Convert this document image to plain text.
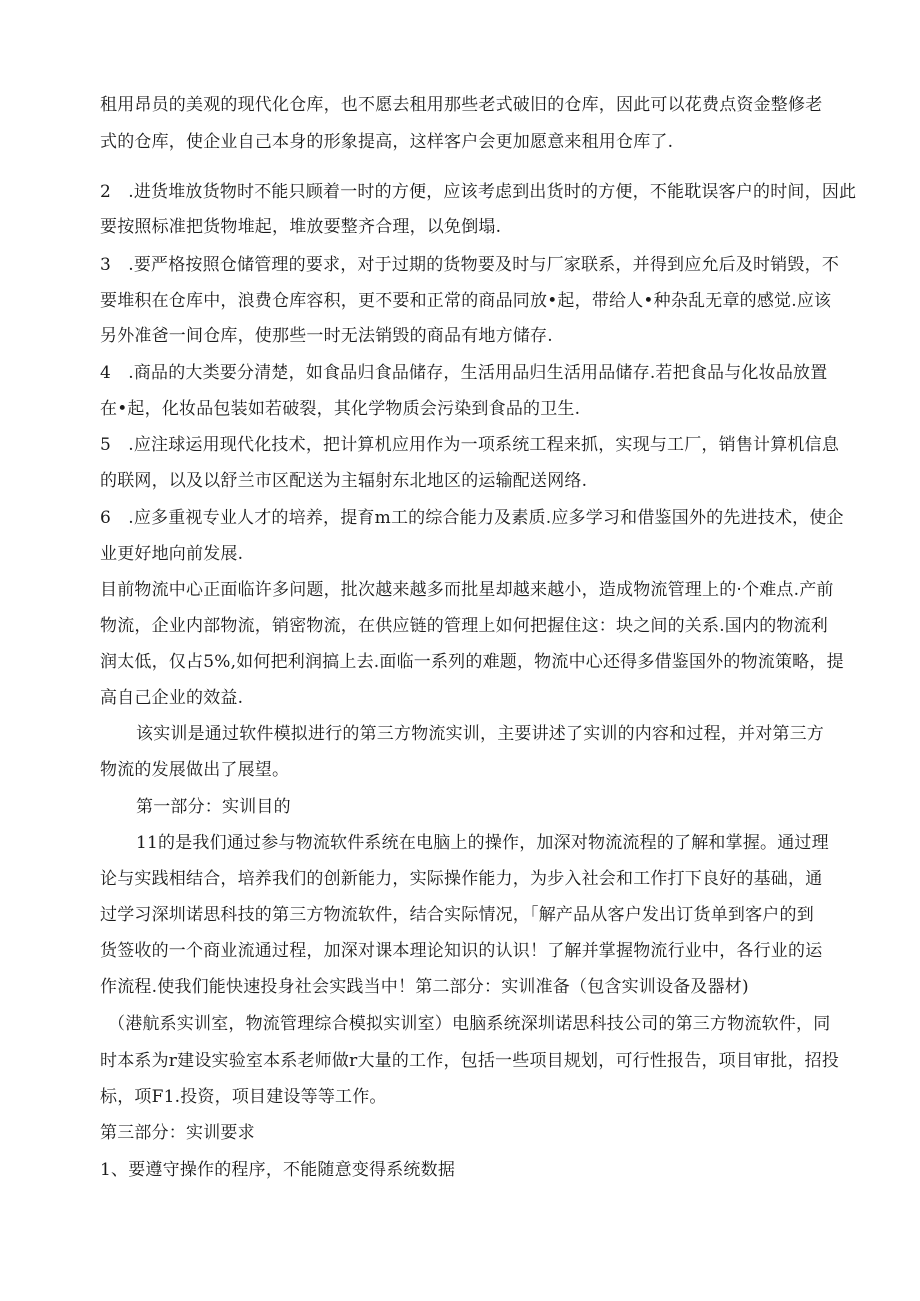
租用昂员的美观的现代化仓库，也不愿去租用那些老式破旧的仓库，因此可以花费点资金整修老
式的仓库，使企业自己本身的形象提高，这样客户会更加愿意来租用仓库了.
2　.进货堆放货物时不能只顾着一时的方便，应该考虑到出货时的方便，不能耽误客户的时间，因此
要按照标准把货物堆起，堆放要整齐合理，以免倒塌.
3　.要严格按照仓储管理的要求，对于过期的货物要及时与厂家联系，并得到应允后及时销毁，不
要堆积在仓库中，浪费仓库容积，更不要和正常的商品同放•起，带给人•种杂乱无章的感觉.应该
另外准爸一间仓库，使那些一时无法销毁的商品有地方储存.
4　.商品的大类要分清楚，如食品归食品储存，生活用品归生活用品储存.若把食品与化妆品放置
在•起，化妆品包装如若破裂，其化学物质会污染到食品的卫生.
5　.应注球运用现代化技术，把计算机应用作为一项系统工程来抓，实现与工厂，销售计算机信息
的联网，以及以舒兰市区配送为主辐射东北地区的运输配送网络.
6　.应多重视专业人才的培养，提育m工的综合能力及素质.应多学习和借鉴国外的先进技术，使企
业更好地向前发展.
目前物流中心正面临许多问题，批次越来越多而批星却越来越小，造成物流管理上的·个难点.产前
物流，企业内部物流，销密物流，在供应链的管理上如何把握住这：块之间的关系.国内的物流利
润太低，仅占5%,如何把利润搞上去.面临一系列的难题，物流中心还得多借鉴国外的物流策略，提
高自己企业的效益.
该实训是通过软件模拟进行的第三方物流实训，主要讲述了实训的内容和过程，并对第三方
物流的发展做出了展望。
第一部分：实训目的
11的是我们通过参与物流软件系统在电脑上的操作，加深对物流流程的了解和掌握。通过理
论与实践相结合，培养我们的创新能力，实际操作能力，为步入社会和工作打下良好的基础，通
过学习深圳诺思科技的第三方物流软件，结合实际情况，「解产品从客户发出订货单到客户的到
货签收的一个商业流通过程，加深对课本理论知识的认识！了解并掌握物流行业中，各行业的运
作流程.使我们能快速投身社会实践当中！第二部分：实训准备（包含实训设备及器材)
（港航系实训室，物流管理综合模拟实训室）电脑系统深圳诺思科技公司的第三方物流软件，同
时本系为r建设实验室本系老师做r大量的工作，包括一些项目规划，可行性报告，项目审批，招投
标，项F1.投资，项目建设等等工作。
第三部分：实训要求
1、要遵守操作的程序，不能随意变得系统数据
